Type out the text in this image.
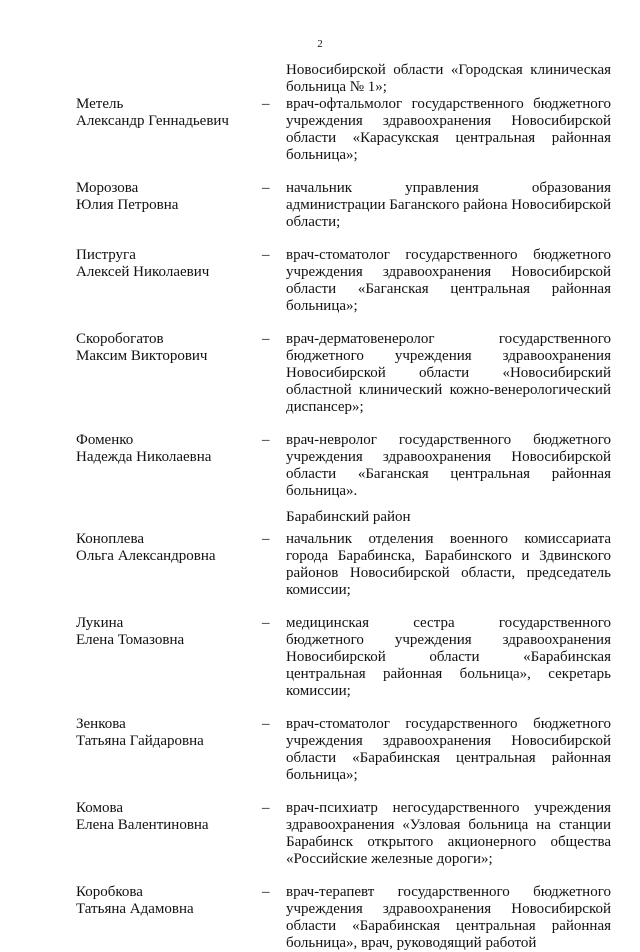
2
Новосибирской области «Городская клиническая больница № 1»;
Метель
Александр Геннадьевич
– врач-офтальмолог государственного бюджетного учреждения здравоохранения Новосибирской области «Карасукская центральная районная больница»;
Морозова
Юлия Петровна
– начальник управления образования администрации Баганского района Новосибирской области;
Пиструга
Алексей Николаевич
– врач-стоматолог государственного бюджетного учреждения здравоохранения Новосибирской области «Баганская центральная районная больница»;
Скоробогатов
Максим Викторович
– врач-дерматовенеролог государственного бюджетного учреждения здравоохранения Новосибирской области «Новосибирский областной клинический кожно-венерологический диспансер»;
Фоменко
Надежда Николаевна
– врач-невролог государственного бюджетного учреждения здравоохранения Новосибирской области «Баганская центральная районная больница».
Барабинский район
Коноплева
Ольга Александровна
– начальник отделения военного комиссариата города Барабинска, Барабинского и Здвинского районов Новосибирской области, председатель комиссии;
Лукина
Елена Томазовна
– медицинская сестра государственного бюджетного учреждения здравоохранения Новосибирской области «Барабинская центральная районная больница», секретарь комиссии;
Зенкова
Татьяна Гайдаровна
– врач-стоматолог государственного бюджетного учреждения здравоохранения Новосибирской области «Барабинская центральная районная больница»;
Комова
Елена Валентиновна
– врач-психиатр негосударственного учреждения здравоохранения «Узловая больница на станции Барабинск открытого акционерного общества «Российские железные дороги»;
Коробкова
Татьяна Адамовна
– врач-терапевт государственного бюджетного учреждения здравоохранения Новосибирской области «Барабинская центральная районная больница», врач, руководящий работой
